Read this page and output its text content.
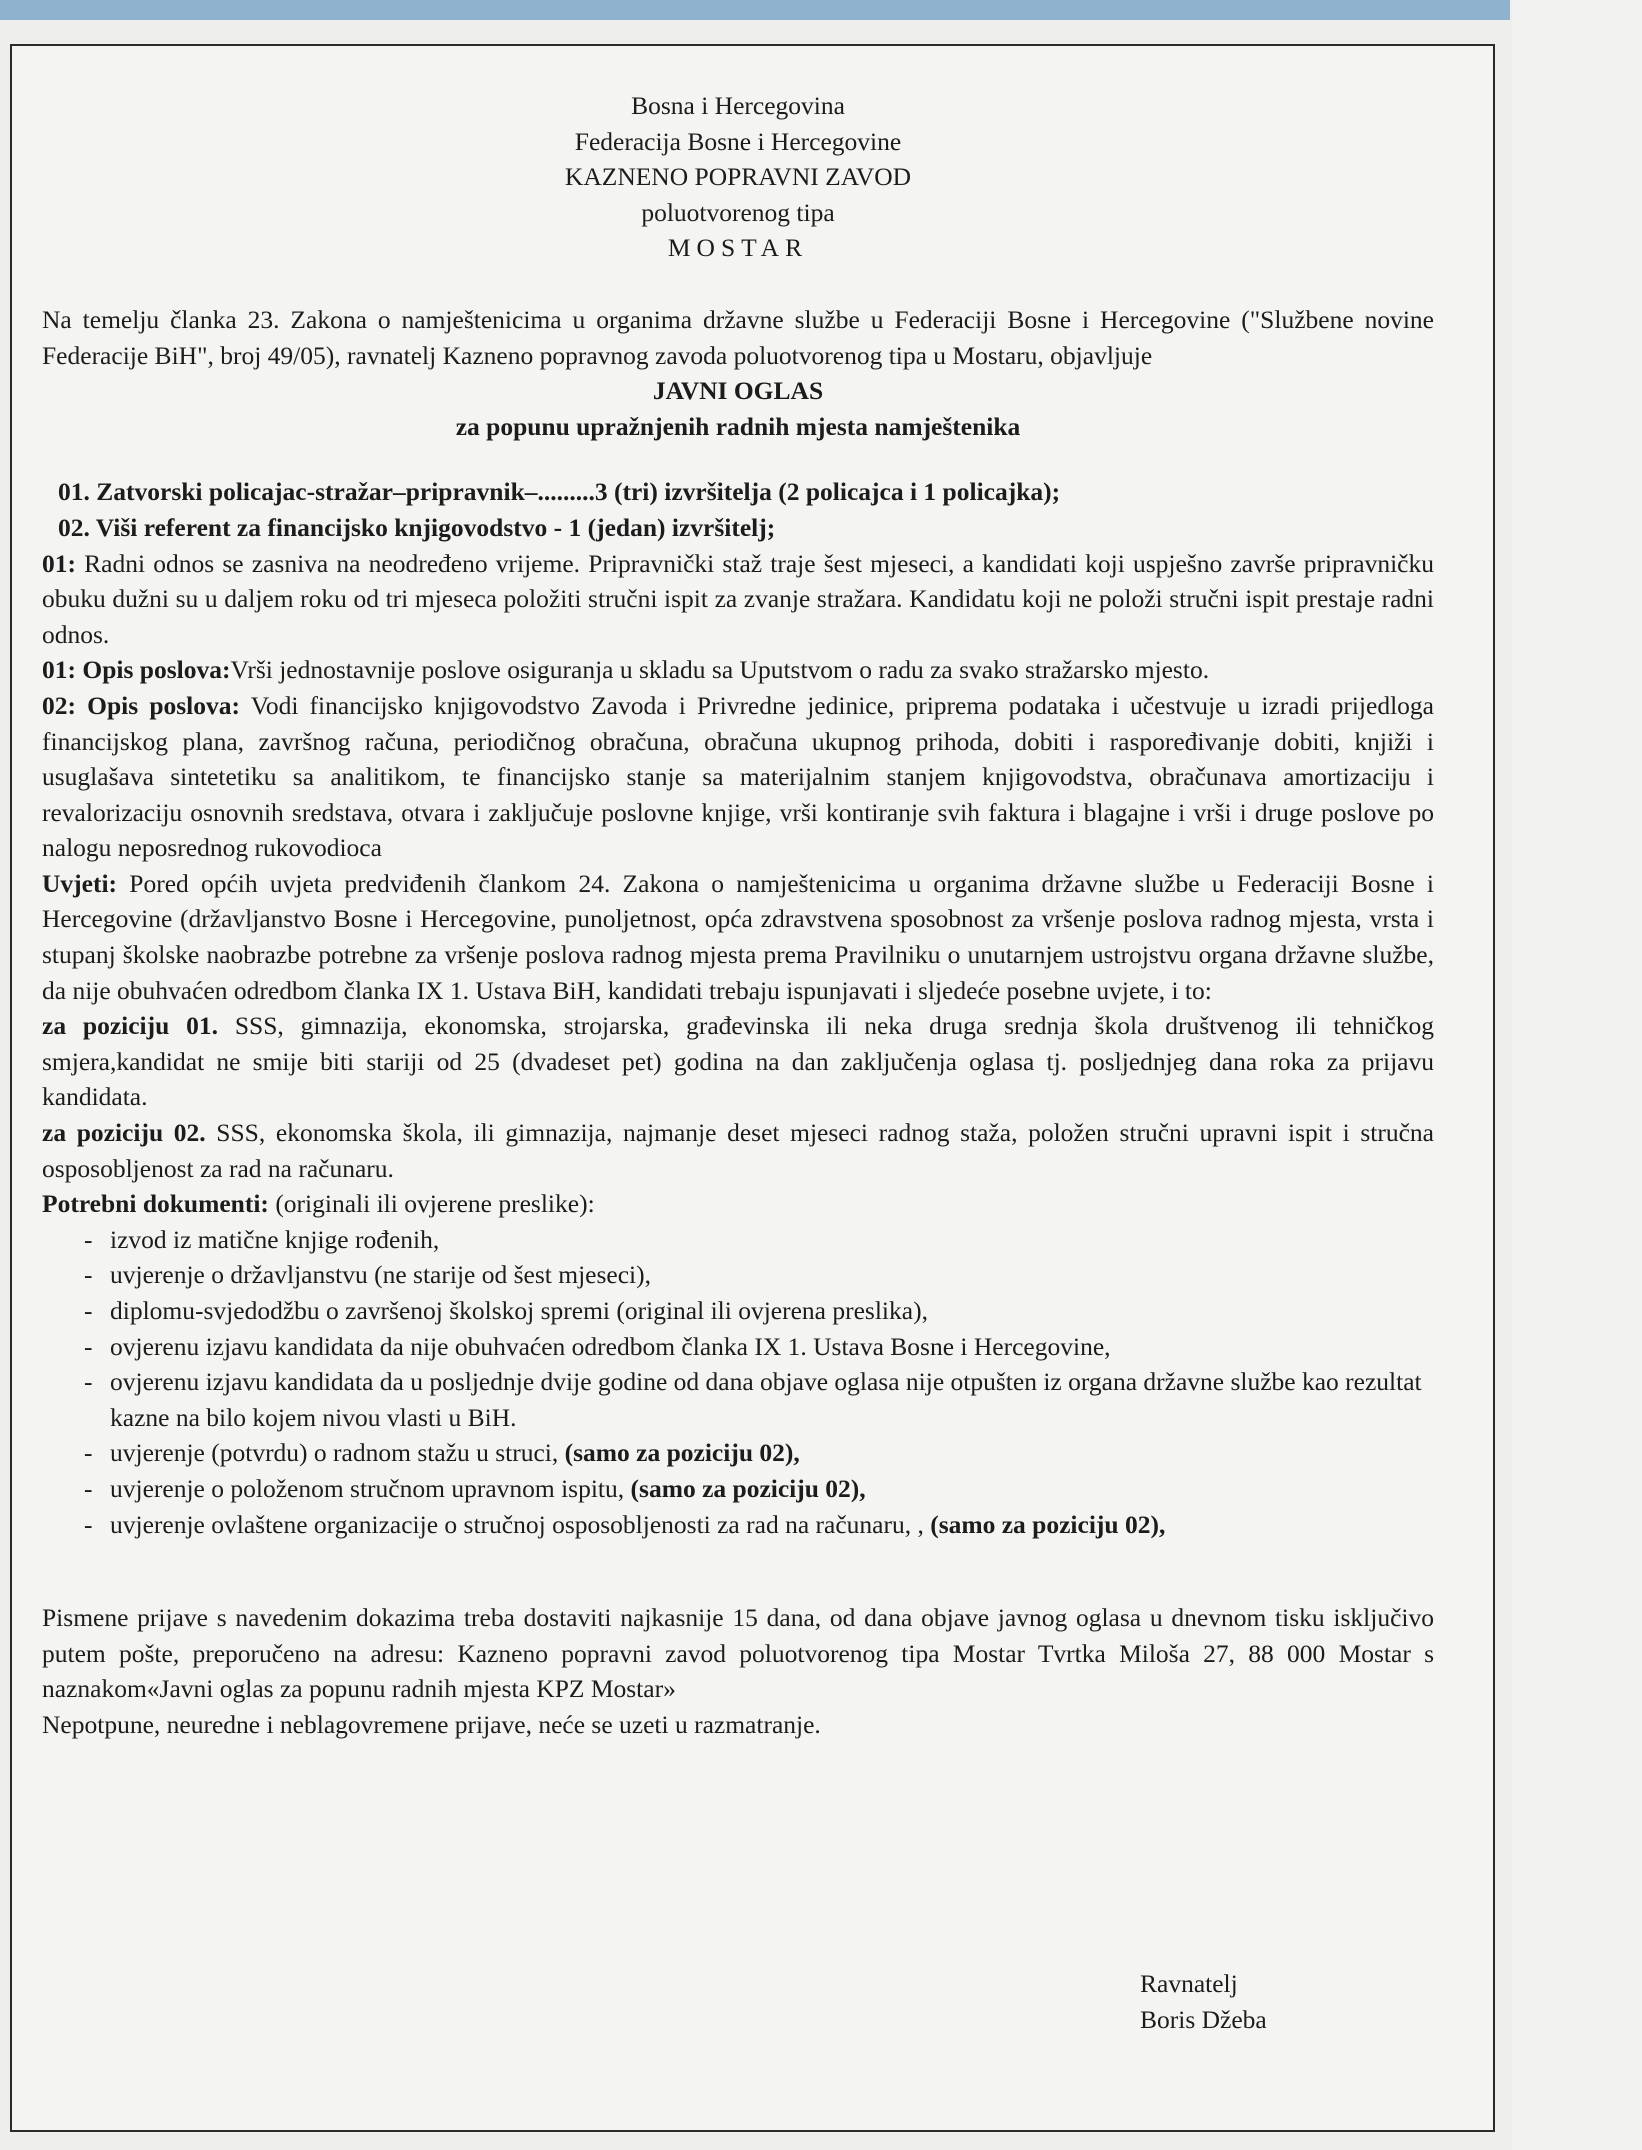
Bosna i Hercegovina
Federacija Bosne i Hercegovine
KAZNENO POPRAVNI ZAVOD
poluotvorenog tipa
MOSTAR

Na temelju članka 23. Zakona o namještenicima u organima državne službe u Federaciji Bosne i Hercegovine ("Službene novine Federacije BiH", broj 49/05), ravnatelj Kazneno popravnog zavoda poluotvorenog tipa u Mostaru, objavljuje

JAVNI OGLAS
za popunu upražnjenih radnih mjesta namještenika
01. Zatvorski policajac-stražar–pripravnik–.........3 (tri) izvršitelja (2 policajca i 1 policajka);
02. Viši referent za financijsko knjigovodstvo - 1 (jedan) izvršitelj;

01: Radni odnos se zasniva na neodređeno vrijeme. Pripravnički staž traje šest mjeseci, a kandidati koji uspješno završe pripravničku obuku dužni su u daljem roku od tri mjeseca položiti stručni ispit za zvanje stražara. Kandidatu koji ne položi stručni ispit prestaje radni odnos.

01: Opis poslova:Vrši jednostavnije poslove osiguranja u skladu sa Uputstvom o radu za svako stražarsko mjesto.

02: Opis poslova: Vodi financijsko knjigovodstvo Zavoda i Privredne jedinice, priprema podataka i učestvuje u izradi prijedloga financijskog plana, završnog računa, periodičnog obračuna, obračuna ukupnog prihoda, dobiti i raspoređivanje dobiti, knjiži i usuglašava sintetetiku sa analitikom, te financijsko stanje sa materijalnim stanjem knjigovodstva, obračunava amortizaciju i revalorizaciju osnovnih sredstava, otvara i zaključuje poslovne knjige, vrši kontiranje svih faktura i blagajne i vrši i druge poslove po nalogu neposrednog rukovodioca

Uvjeti: Pored općih uvjeta predviđenih člankom 24. Zakona o namještenicima u organima državne službe u Federaciji Bosne i Hercegovine (državljanstvo Bosne i Hercegovine, punoljetnost, opća zdravstvena sposobnost za vršenje poslova radnog mjesta, vrsta i stupanj školske naobrazbe potrebne za vršenje poslova radnog mjesta prema Pravilniku o unutarnjem ustrojstvu organa državne službe, da nije obuhvaćen odredbom članka IX 1. Ustava BiH, kandidati trebaju ispunjavati i sljedeće posebne uvjete, i to:

za poziciju 01. SSS, gimnazija, ekonomska, strojarska, građevinska ili neka druga srednja škola društvenog ili tehničkog smjera,kandidat ne smije biti stariji od 25 (dvadeset pet) godina na dan zaključenja oglasa tj. posljednjeg dana roka za prijavu kandidata.

za poziciju 02. SSS, ekonomska škola, ili gimnazija, najmanje deset mjeseci radnog staža, položen stručni upravni ispit i stručna osposobljenost za rad na računaru.

Potrebni dokumenti: (originali ili ovjerene preslike):

- izvod iz matične knjige rođenih,
- uvjerenje o državljanstvu (ne starije od šest mjeseci),
- diplomu-svjedodžbu o završenoj školskoj spremi (original ili ovjerena preslika),
- ovjerenu izjavu kandidata da nije obuhvaćen odredbom članka IX 1. Ustava Bosne i Hercegovine,
- ovjerenu izjavu kandidata da u posljednje dvije godine od dana objave oglasa nije otpušten iz organa državne službe kao rezultat kazne na bilo kojem nivou vlasti u BiH.
- uvjerenje (potvrdu) o radnom stažu u struci, (samo za poziciju 02),
- uvjerenje o položenom stručnom upravnom ispitu, (samo za poziciju 02),
- uvjerenje ovlaštene organizacije o stručnoj osposobljenosti za rad na računaru, , (samo za poziciju 02),

Pismene prijave s navedenim dokazima treba dostaviti najkasnije 15 dana, od dana objave javnog oglasa u dnevnom tisku isključivo putem pošte, preporučeno na adresu: Kazneno popravni zavod poluotvorenog tipa Mostar Tvrtka Miloša 27, 88 000 Mostar s naznakom«Javni oglas za popunu radnih mjesta KPZ Mostar»

Nepotpune, neuredne i neblagovremene prijave, neće se uzeti u razmatranje.

Ravnatelj
Boris Džeba
